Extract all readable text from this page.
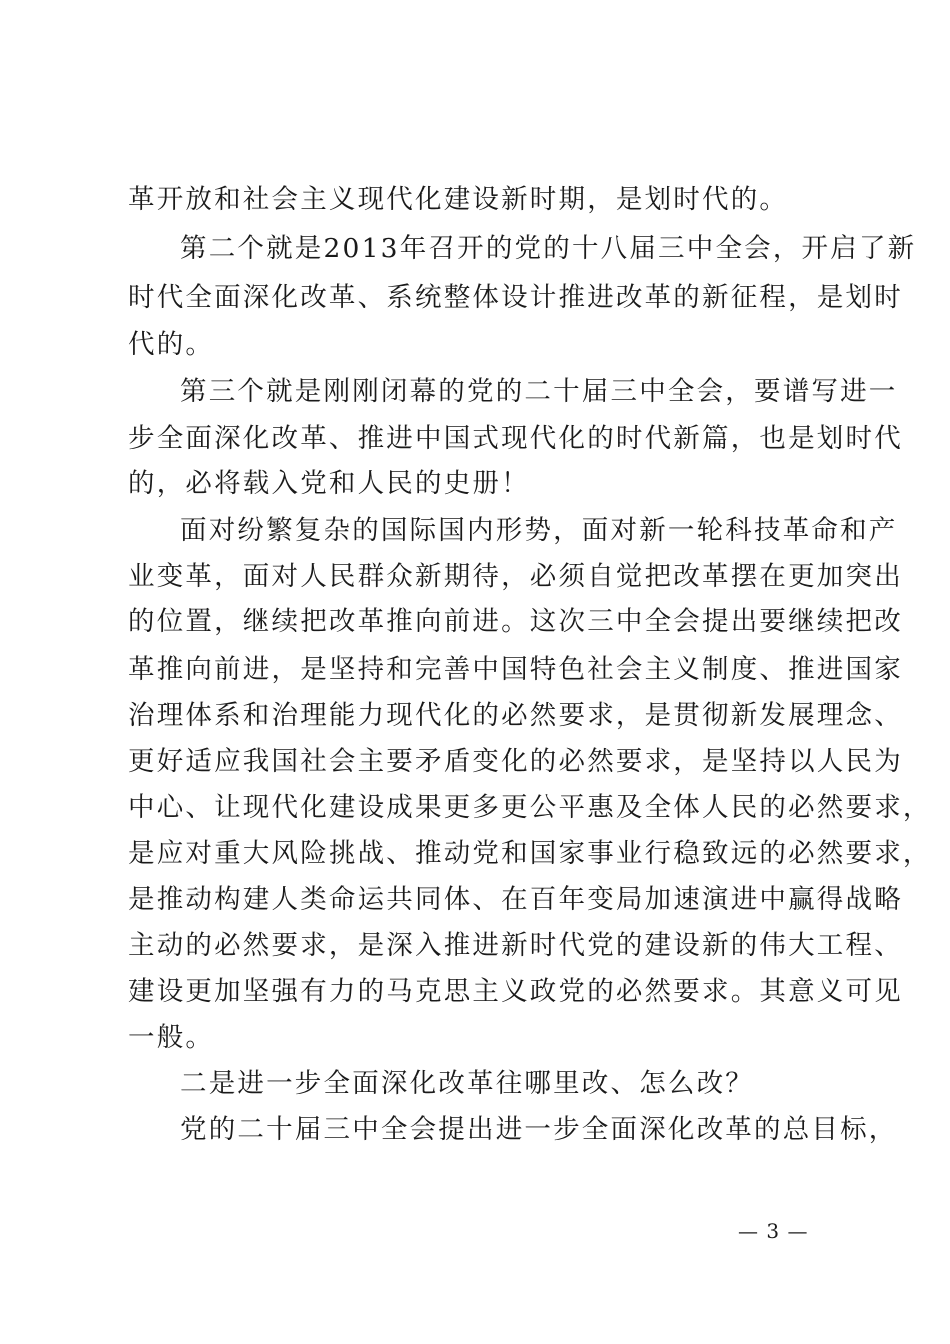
革开放和社会主义现代化建设新时期，是划时代的。
第二个就是2013年召开的党的十八届三中全会，开启了新
时代全面深化改革、系统整体设计推进改革的新征程，是划时
代的。
第三个就是刚刚闭幕的党的二十届三中全会，要谱写进一
步全面深化改革、推进中国式现代化的时代新篇，也是划时代
的，必将载入党和人民的史册！
面对纷繁复杂的国际国内形势，面对新一轮科技革命和产
业变革，面对人民群众新期待，必须自觉把改革摆在更加突出
的位置，继续把改革推向前进。这次三中全会提出要继续把改
革推向前进，是坚持和完善中国特色社会主义制度、推进国家
治理体系和治理能力现代化的必然要求，是贯彻新发展理念、
更好适应我国社会主要矛盾变化的必然要求，是坚持以人民为
中心、让现代化建设成果更多更公平惠及全体人民的必然要求，
是应对重大风险挑战、推动党和国家事业行稳致远的必然要求，
是推动构建人类命运共同体、在百年变局加速演进中赢得战略
主动的必然要求，是深入推进新时代党的建设新的伟大工程、
建设更加坚强有力的马克思主义政党的必然要求。其意义可见
一般。
二是进一步全面深化改革往哪里改、怎么改？
党的二十届三中全会提出进一步全面深化改革的总目标，
— 3 —
